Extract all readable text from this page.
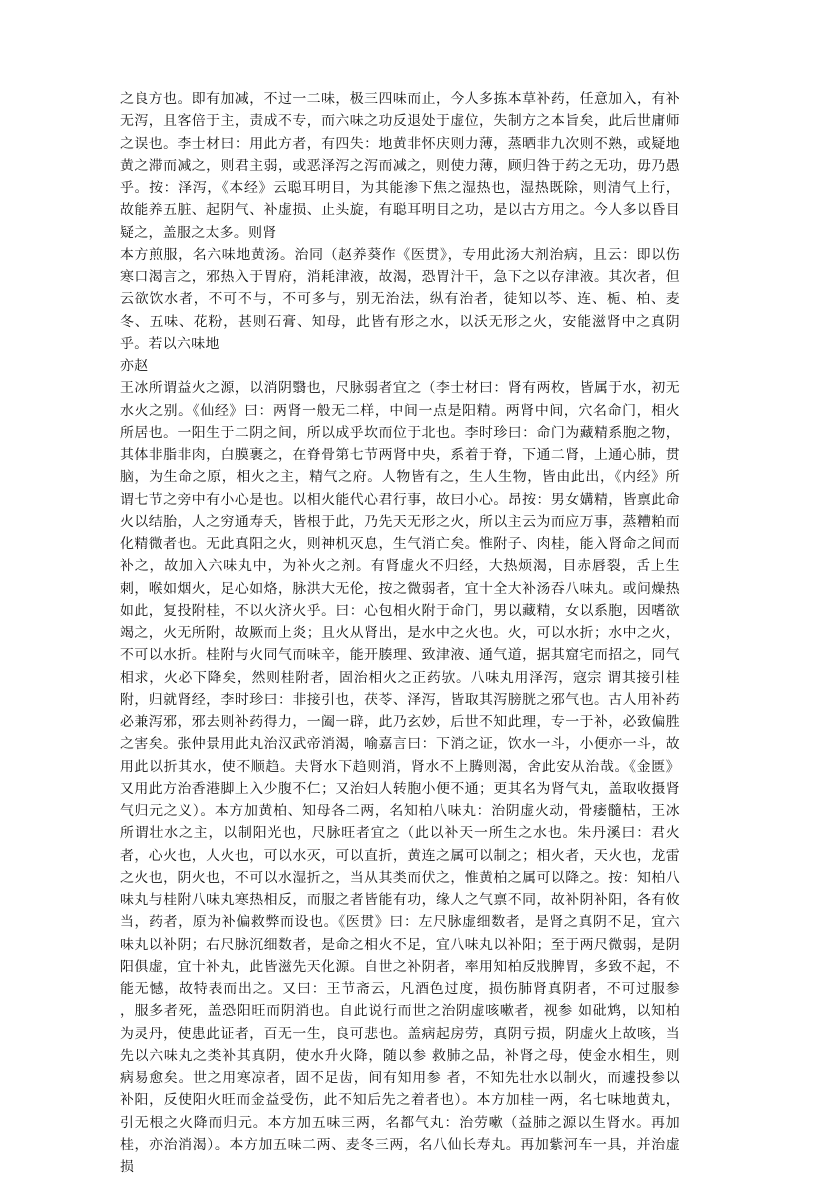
之良方也。即有加减，不过一二味，极三四味而止，今人多拣本草补药，任意加入，有补无泻，且客倍于主，责成不专，而六味之功反退处于虚位，失制方之本旨矣，此后世庸师之误也。李士材曰：用此方者，有四失：地黄非怀庆则力薄，蒸晒非九次则不熟，或疑地黄之滞而减之，则君主弱，或恶泽泻之泻而减之，则使力薄，顾归咎于药之无功，毋乃愚乎。按：泽泻，《本经》云聪耳明目，为其能渗下焦之湿热也，湿热既除，则清气上行，故能养五脏、起阴气、补虚损、止头旋，有聪耳明目之功，是以古方用之。今人多以昏目疑之，盖服之太多。则肾

本方煎服，名六味地黄汤。治同（赵养葵作《医贯》，专用此汤大剂治病，且云：即以伤寒口渴言之，邪热入于胃府，消耗津液，故渴，恐胃汁干，急下之以存津液。其次者，但云欲饮水者，不可不与，不可多与，别无治法，纵有治者，徒知以芩、连、栀、柏、麦冬、五味、花粉，甚则石膏、知母，此皆有形之水，以沃无形之火，安能滋肾中之真阴乎。若以六味地

亦赵

王冰所谓益火之源，以消阴翳也，尺脉弱者宜之（李士材曰：肾有两枚，皆属于水，初无水火之别。《仙经》曰：两肾一般无二样，中间一点是阳精。两肾中间，穴名命门，相火所居也。一阳生于二阴之间，所以成乎坎而位于北也。李时珍曰：命门为藏精系胞之物，其体非脂非肉，白膜裹之，在脊骨第七节两肾中央，系着于脊，下通二肾，上通心肺，贯脑，为生命之原，相火之主，精气之府。人物皆有之，生人生物，皆由此出，《内经》所谓七节之旁中有小心是也。以相火能代心君行事，故曰小心。昂按：男女媾精，皆禀此命火以结胎，人之穷通寿夭，皆根于此，乃先天无形之火，所以主云为而应万事，蒸糟粕而化精微者也。无此真阳之火，则神机灭息，生气消亡矣。惟附子、肉桂，能入肾命之间而补之，故加入六味丸中，为补火之剂。有肾虚火不归经，大热烦渴，目赤唇裂，舌上生刺，喉如烟火，足心如烙，脉洪大无伦，按之微弱者，宜十全大补汤吞八味丸。或问燥热如此，复投附桂，不以火济火乎。曰：心包相火附于命门，男以藏精，女以系胞，因嗜欲竭之，火无所附，故厥而上炎；且火从肾出，是水中之火也。火，可以水折；水中之火，不可以水折。桂附与火同气而味辛，能开腠理、致津液、通气道，据其窟宅而招之，同气相求，火必下降矣，然则桂附者，固治相火之正药欤。八味丸用泽泻，寇宗 谓其接引桂附，归就肾经，李时珍曰：非接引也，茯苓、泽泻，皆取其泻膀胱之邪气也。古人用补药必兼泻邪，邪去则补药得力，一阖一辟，此乃玄妙，后世不知此理，专一于补，必致偏胜之害矣。张仲景用此丸治汉武帝消渴，喻嘉言曰：下消之证，饮水一斗，小便亦一斗，故用此以折其水，使不顺趋。夫肾水下趋则消，肾水不上腾则渴，舍此安从治哉。《金匮》又用此方治香港脚上入少腹不仁；又治妇人转胞小便不通；更其名为肾气丸，盖取收摄肾气归元之义）。本方加黄柏、知母各二两，名知柏八味丸：治阴虚火动，骨痿髓枯，王冰所谓壮水之主，以制阳光也，尺脉旺者宜之（此以补天一所生之水也。朱丹溪曰：君火者，心火也，人火也，可以水灭，可以直折，黄连之属可以制之；相火者，天火也，龙雷之火也，阴火也，不可以水湿折之，当从其类而伏之，惟黄柏之属可以降之。按：知柏八味丸与桂附八味丸寒热相反，而服之者皆能有功，缘人之气禀不同，故补阴补阳，各有攸当，药者，原为补偏救弊而设也。《医贯》曰：左尺脉虚细数者，是肾之真阴不足，宜六味丸以补阴；右尺脉沉细数者，是命之相火不足，宜八味丸以补阳；至于两尺微弱，是阴阳俱虚，宜十补丸，此皆滋先天化源。自世之补阴者，率用知柏反戕脾胃，多致不起，不能无憾，故特表而出之。又曰：王节斋云，凡酒色过度，损伤肺肾真阴者，不可过服参 ，服多者死，盖恐阳旺而阴消也。自此说行而世之治阴虚咳嗽者，视参 如砒鸩，以知柏为灵丹，使患此证者，百无一生，良可悲也。盖病起房劳，真阴亏损，阴虚火上故咳，当先以六味丸之类补其真阴，使水升火降，随以参 救肺之品，补肾之母，使金水相生，则病易愈矣。世之用寒凉者，固不足齿，间有知用参 者，不知先壮水以制火，而遽投参以补阳，反使阳火旺而金益受伤，此不知后先之着者也）。本方加桂一两，名七味地黄丸，引无根之火降而归元。本方加五味三两，名都气丸：治劳嗽（益肺之源以生肾水。再加桂，亦治消渴）。本方加五味二两、麦冬三两，名八仙长寿丸。再加紫河车一具，并治虚损
